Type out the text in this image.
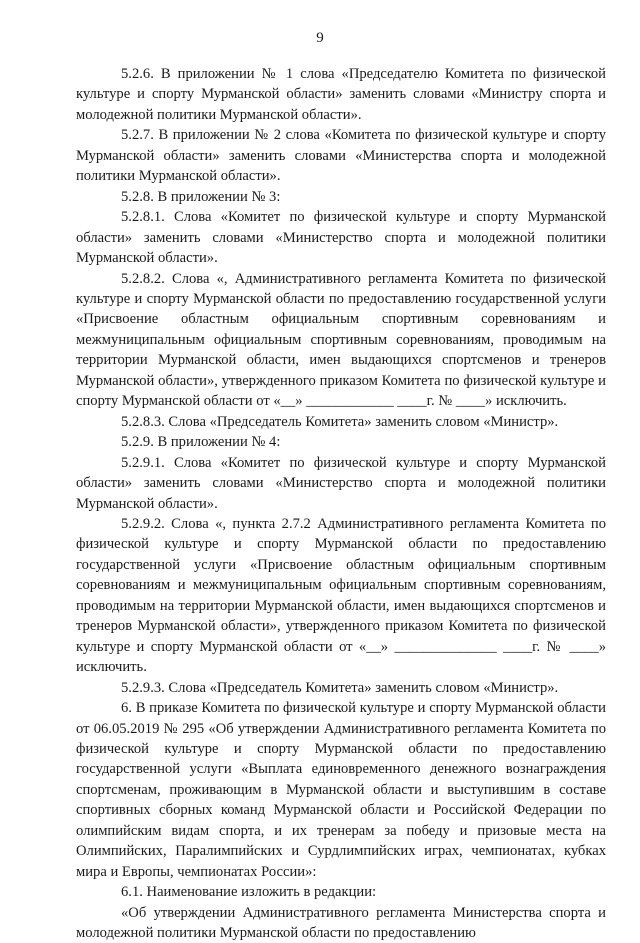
9

5.2.6. В приложении № 1 слова «Председателю Комитета по физической культуре и спорту Мурманской области» заменить словами «Министру спорта и молодежной политики Мурманской области».

5.2.7. В приложении № 2 слова «Комитета по физической культуре и спорту Мурманской области» заменить словами «Министерства спорта и молодежной политики Мурманской области».

5.2.8. В приложении № 3:

5.2.8.1. Слова «Комитет по физической культуре и спорту Мурманской области» заменить словами «Министерство спорта и молодежной политики Мурманской области».

5.2.8.2. Слова «, Административного регламента Комитета по физической культуре и спорту Мурманской области по предоставлению государственной услуги «Присвоение областным официальным спортивным соревнованиям и межмуниципальным официальным спортивным соревнованиям, проводимым на территории Мурманской области, имен выдающихся спортсменов и тренеров Мурманской области», утвержденного приказом Комитета по физической культуре и спорту Мурманской области от «__» ____________ ____г. № ____» исключить.

5.2.8.3. Слова «Председатель Комитета» заменить словом «Министр».

5.2.9. В приложении № 4:

5.2.9.1. Слова «Комитет по физической культуре и спорту Мурманской области» заменить словами «Министерство спорта и молодежной политики Мурманской области».

5.2.9.2. Слова «, пункта 2.7.2 Административного регламента Комитета по физической культуре и спорту Мурманской области по предоставлению государственной услуги «Присвоение областным официальным спортивным соревнованиям и межмуниципальным официальным спортивным соревнованиям, проводимым на территории Мурманской области, имен выдающихся спортсменов и тренеров Мурманской области», утвержденного приказом Комитета по физической культуре и спорту Мурманской области от «__» ______________ ____г. № ____» исключить.

5.2.9.3. Слова «Председатель Комитета» заменить словом «Министр».

6. В приказе Комитета по физической культуре и спорту Мурманской области от 06.05.2019 № 295 «Об утверждении Административного регламента Комитета по физической культуре и спорту Мурманской области по предоставлению государственной услуги «Выплата единовременного денежного вознаграждения спортсменам, проживающим в Мурманской области и выступившим в составе спортивных сборных команд Мурманской области и Российской Федерации по олимпийским видам спорта, и их тренерам за победу и призовые места на Олимпийских, Паралимпийских и Сурдлимпийских играх, чемпионатах, кубках мира и Европы, чемпионатах России»:

6.1. Наименование изложить в редакции:

«Об утверждении Административного регламента Министерства спорта и молодежной политики Мурманской области по предоставлению
